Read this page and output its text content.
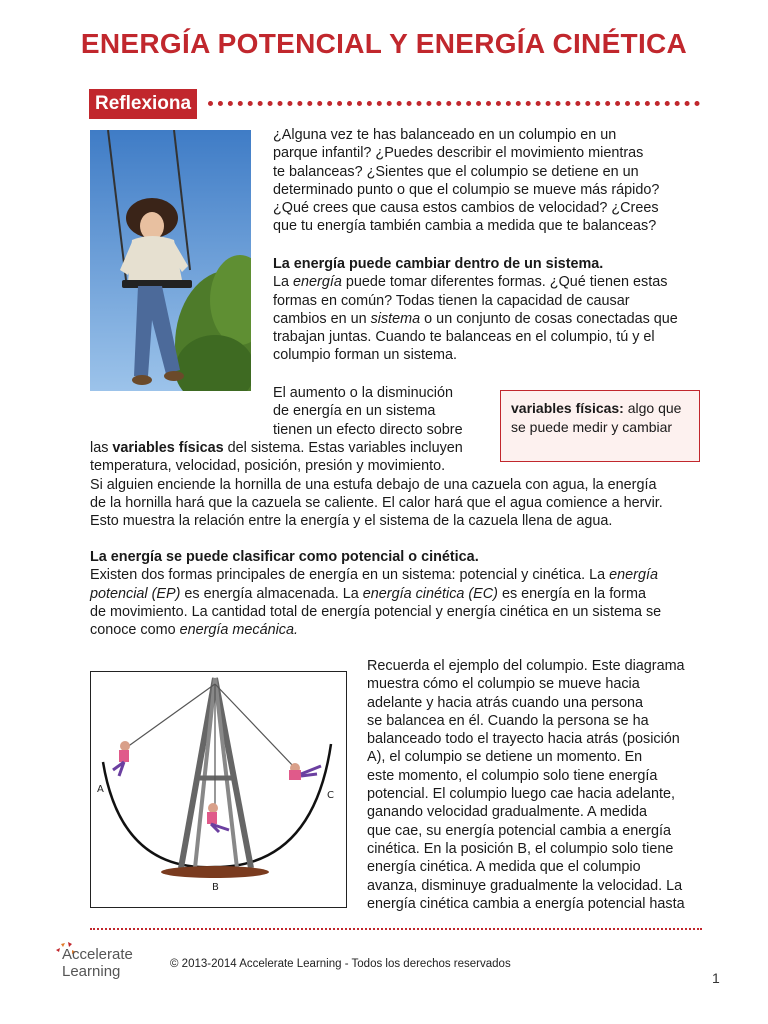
ENERGÍA POTENCIAL Y ENERGÍA CINÉTICA
Reflexiona

¿Alguna vez te has balanceado en un columpio en un

parque infantil? ¿Puedes describir el movimiento mientras

te balanceas? ¿Sientes que el columpio se detiene en un

determinado punto o que el columpio se mueve más rápido?

¿Qué crees que causa estos cambios de velocidad? ¿Crees

que tu energía también cambia a medida que te balanceas?

La energía puede cambiar dentro de un sistema.

La energía puede tomar diferentes formas. ¿Qué tienen estas

formas en común? Todas tienen la capacidad de causar

cambios en un sistema o un conjunto de cosas conectadas que

trabajan juntas. Cuando te balanceas en el columpio, tú y el

columpio forman un sistema.

El aumento o la disminución

de energía en un sistema

tienen un efecto directo sobre

las variables físicas del sistema. Estas variables incluyen

temperatura, velocidad, posición, presión y movimiento.

Si alguien enciende la hornilla de una estufa debajo de una cazuela con agua, la energía

de la hornilla hará que la cazuela se caliente. El calor hará que el agua comience a hervir.

Esto muestra la relación entre la energía y el sistema de la cazuela llena de agua.

variables físicas: algo que se puede medir y cambiar

La energía se puede clasificar como potencial o cinética.

Existen dos formas principales de energía en un sistema: potencial y cinética. La energía

potencial (EP) es energía almacenada. La energía cinética (EC) es energía en la forma

de movimiento. La cantidad total de energía potencial y energía cinética en un sistema se

conoce como energía mecánica.

A
B
C

Recuerda el ejemplo del columpio. Este diagrama

muestra cómo el columpio se mueve hacia

adelante y hacia atrás cuando una persona

se balancea en él. Cuando la persona se ha

balanceado todo el trayecto hacia atrás (posición

A), el columpio se detiene un momento. En

este momento, el columpio solo tiene energía

potencial. El columpio luego cae hacia adelante,

ganando velocidad gradualmente. A medida

que cae, su energía potencial cambia a energía

cinética. En la posición B, el columpio solo tiene

energía cinética. A medida que el columpio

avanza, disminuye gradualmente la velocidad. La

energía cinética cambia a energía potencial hasta

Accelerate
Learning	© 2013-2014 Accelerate Learning - Todos los derechos reservados
1
